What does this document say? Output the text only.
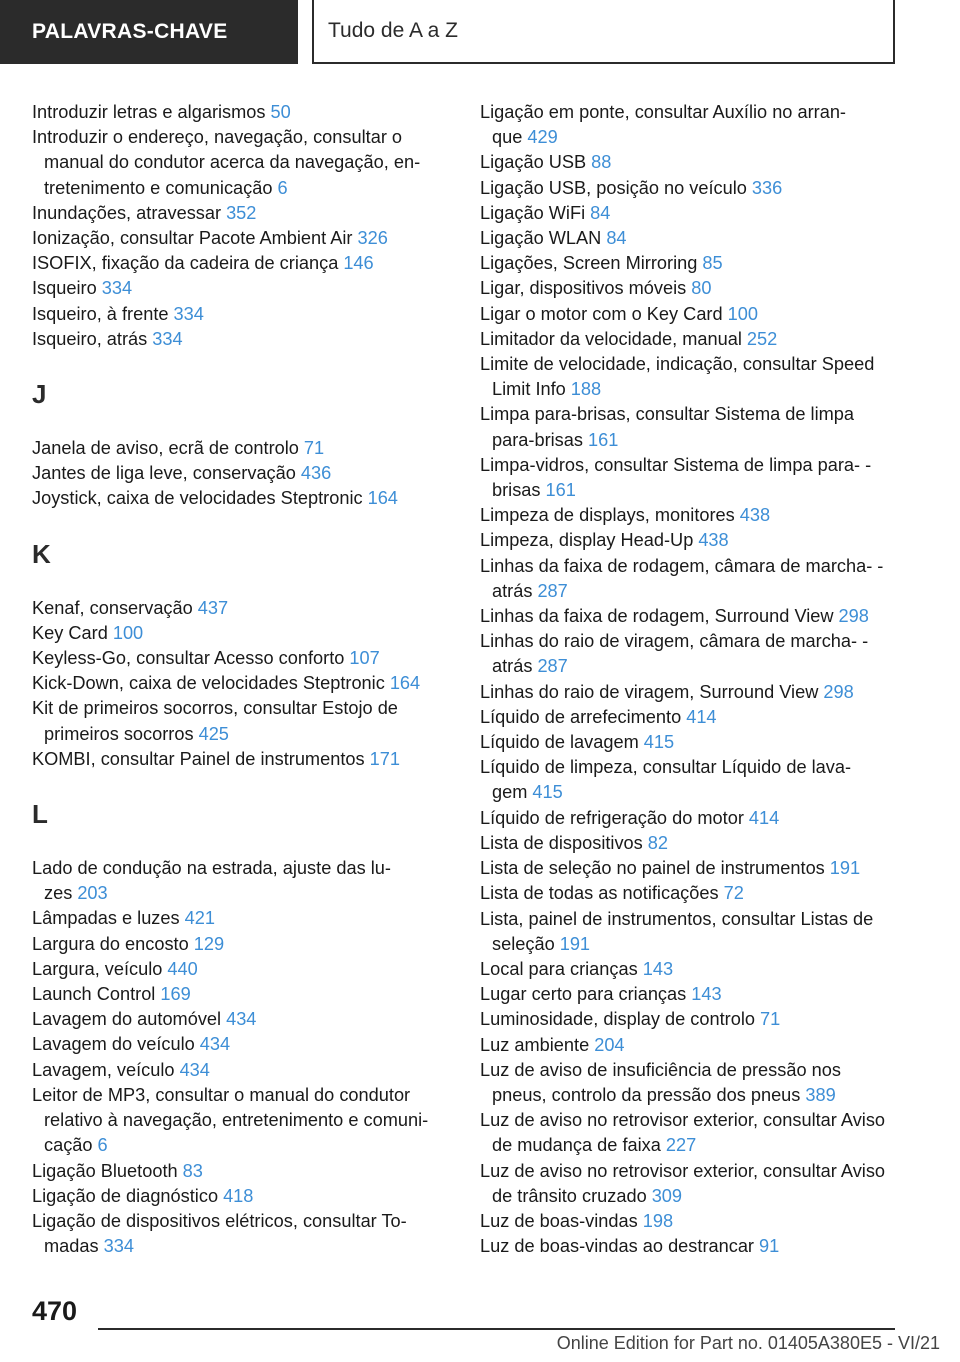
PALAVRAS-CHAVE	Tudo de A a Z
Introduzir letras e algarismos 50
Introduzir o endereço, navegação, consultar o manual do condutor acerca da navegação, en-tretenimento e comunicação 6
Inundações, atravessar 352
Ionização, consultar Pacote Ambient Air 326
ISOFIX, fixação da cadeira de criança 146
Isqueiro 334
Isqueiro, à frente 334
Isqueiro, atrás 334
J
Janela de aviso, ecrã de controlo 71
Jantes de liga leve, conservação 436
Joystick, caixa de velocidades Steptronic 164
K
Kenaf, conservação 437
Key Card 100
Keyless-Go, consultar Acesso conforto 107
Kick-Down, caixa de velocidades Steptronic 164
Kit de primeiros socorros, consultar Estojo de primeiros socorros 425
KOMBI, consultar Painel de instrumentos 171
L
Lado de condução na estrada, ajuste das lu-zes 203
Lâmpadas e luzes 421
Largura do encosto 129
Largura, veículo 440
Launch Control 169
Lavagem do automóvel 434
Lavagem do veículo 434
Lavagem, veículo 434
Leitor de MP3, consultar o manual do condutor relativo à navegação, entretenimento e comuni-cação 6
Ligação Bluetooth 83
Ligação de diagnóstico 418
Ligação de dispositivos elétricos, consultar To-madas 334
Ligação em ponte, consultar Auxílio no arran-que 429
Ligação USB 88
Ligação USB, posição no veículo 336
Ligação WiFi 84
Ligação WLAN 84
Ligações, Screen Mirroring 85
Ligar, dispositivos móveis 80
Ligar o motor com o Key Card 100
Limitador da velocidade, manual 252
Limite de velocidade, indicação, consultar Speed Limit Info 188
Limpa para-brisas, consultar Sistema de limpa para-brisas 161
Limpa-vidros, consultar Sistema de limpa para- -brisas 161
Limpeza de displays, monitores 438
Limpeza, display Head-Up 438
Linhas da faixa de rodagem, câmara de marcha- -atrás 287
Linhas da faixa de rodagem, Surround View 298
Linhas do raio de viragem, câmara de marcha- -atrás 287
Linhas do raio de viragem, Surround View 298
Líquido de arrefecimento 414
Líquido de lavagem 415
Líquido de limpeza, consultar Líquido de lava-gem 415
Líquido de refrigeração do motor 414
Lista de dispositivos 82
Lista de seleção no painel de instrumentos 191
Lista de todas as notificações 72
Lista, painel de instrumentos, consultar Listas de seleção 191
Local para crianças 143
Lugar certo para crianças 143
Luminosidade, display de controlo 71
Luz ambiente 204
Luz de aviso de insuficiência de pressão nos pneus, controlo da pressão dos pneus 389
Luz de aviso no retrovisor exterior, consultar Aviso de mudança de faixa 227
Luz de aviso no retrovisor exterior, consultar Aviso de trânsito cruzado 309
Luz de boas-vindas 198
Luz de boas-vindas ao destrancar 91
470
Online Edition for Part no. 01405A380E5 - VI/21
